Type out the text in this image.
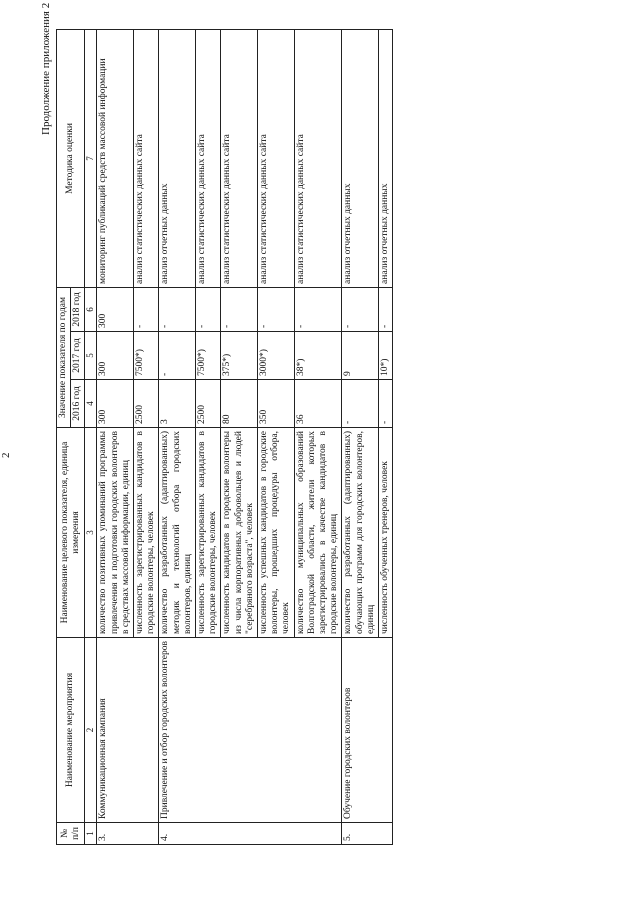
2
Продолжение приложения 2
№ п/п	Наименование мероприятия	Наименование целевого показателя, единица измерения	Значение показателя по годам			Методика оценки
			2016 год	2017 год	2018 год	
1	2	3	4	5	6	7
3.	Коммуникационная кампания	количество позитивных упоминаний программы привлечения и подготовки городских волонтеров в средствах массовой информации, единиц	300	300	300	мониторинг публикаций средств массовой информации
		численность зарегистрированных кандидатов в городские волонтеры, человек	2500	7500*)	-	анализ статистических данных сайта
4.	Привлечение и отбор городских волонтеров	количество разработанных (адаптированных) методик и технологий отбора городских волонтеров, единиц	3	-	-	анализ отчетных данных
		численность зарегистрированных кандидатов в городские волонтеры, человек	2500	7500*)	-	анализ статистических данных сайта
		численность кандидатов в городские волонтеры из числа корпоративных добровольцев и людей "серебряного возраста", человек	80	375*)	-	анализ статистических данных сайта
		численность успешных кандидатов в городские волонтеры, прошедших процедуры отбора, человек	350	3000*)	-	анализ статистических данных сайта
		количество муниципальных образований Волгоградской области, жители которых зарегистрировались в качестве кандидатов в городские волонтеры, единиц	36	38*)	-	анализ статистических данных сайта
5.	Обучение городских волонтеров	количество разработанных (адаптированных) обучающих программ для городских волонтеров, единиц	-	9	-	анализ отчетных данных
		численность обученных тренеров, человек	-	10*)	-	анализ отчетных данных
